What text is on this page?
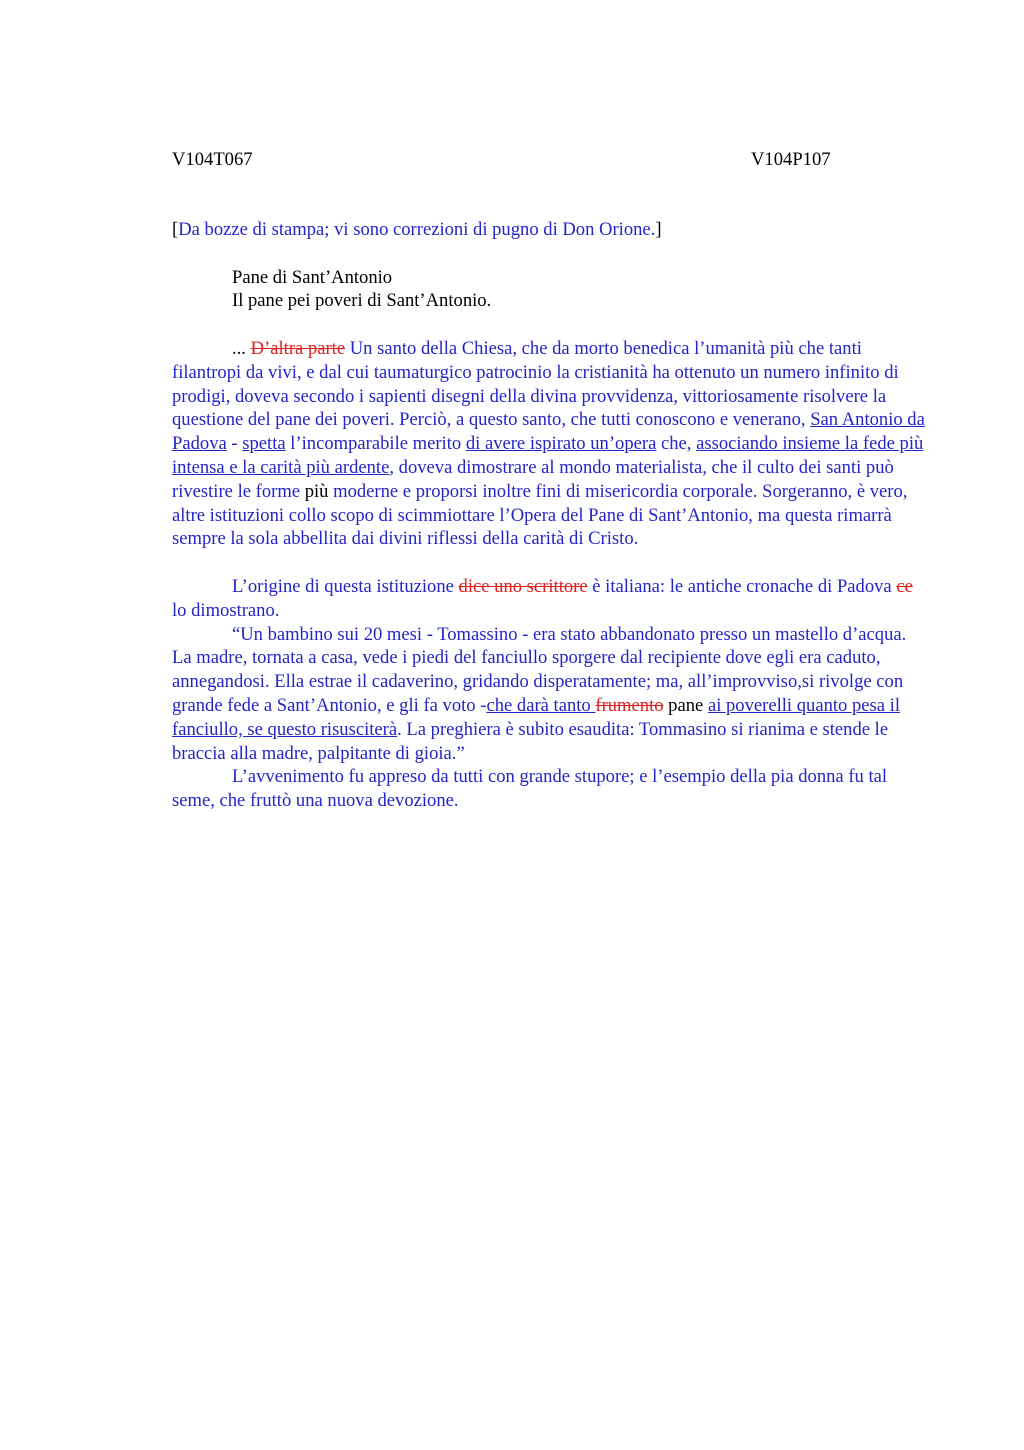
V104T067	V104P107

[Da bozze di stampa; vi sono correzioni di pugno di Don Orione.]

Pane di Sant’Antonio

Il pane pei poveri di Sant’Antonio.

... D’altra parte Un santo della Chiesa, che da morto benedica l’umanità più che tanti filantropi da vivi, e dal cui taumaturgico patrocinio la cristianità ha ottenuto un numero infinito di prodigi, doveva secondo i sapienti disegni della divina provvidenza, vittoriosamente risolvere la questione del pane dei poveri. Perciò, a questo santo, che tutti conoscono e venerano, San Antonio da Padova - spetta l’incomparabile merito di avere ispirato un’opera che, associando insieme la fede più intensa e la carità più ardente, doveva dimostrare al mondo materialista, che il culto dei santi può rivestire le forme più moderne e proporsi inoltre fini di misericordia corporale. Sorgeranno, è vero, altre istituzioni collo scopo di scimmiottare l’Opera del Pane di Sant’Antonio, ma questa rimarrà sempre la sola abbellita dai divini riflessi della carità di Cristo.

L’origine di questa istituzione dice uno scrittore è italiana: le antiche cronache di Padova ce lo dimostrano.

“Un bambino sui 20 mesi - Tomassino - era stato abbandonato presso un mastello d’acqua. La madre, tornata a casa, vede i piedi del fanciullo sporgere dal recipiente dove egli era caduto, annegandosi. Ella estrae il cadaverino, gridando disperatamente; ma, all’improvviso,si rivolge con grande fede a Sant’Antonio, e gli fa voto -che darà tanto frumento pane ai poverelli quanto pesa il fanciullo, se questo risusciterà. La preghiera è subito esaudita: Tommasino si rianima e stende le braccia alla madre, palpitante di gioia.”

L’avvenimento fu appreso da tutti con grande stupore; e l’esempio della pia donna fu tal seme, che fruttò una nuova devozione.
